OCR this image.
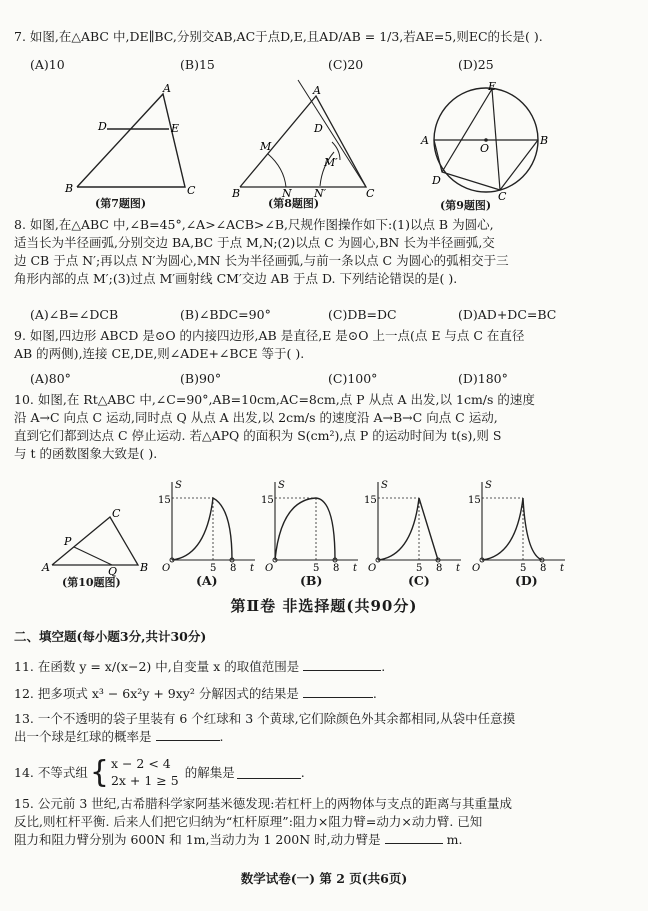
7. 如图,在△ABC 中,DE∥BC,分别交AB,AC于点D,E,且AD/AB = 1/3,若AE=5,则EC的长是( ).
(A)10	(B)15	(C)20	(D)25
A
D	E
B	C
(第7题图)
A
M
D
M′
B	N N′	C
(第8题图)
E
A	B
O
D
C
(第9题图)
8. 如图,在△ABC 中,∠B=45°,∠A>∠ACB>∠B,尺规作图操作如下:(1)以点 B 为圆心,
适当长为半径画弧,分别交边 BA,BC 于点 M,N;(2)以点 C 为圆心,BN 长为半径画弧,交
边 CB 于点 N′;再以点 N′为圆心,MN 长为半径画弧,与前一条以点 C 为圆心的弧相交于三
角形内部的点 M′;(3)过点 M′画射线 CM′交边 AB 于点 D. 下列结论错误的是( ).
(A)∠B=∠DCB	(B)∠BDC=90°	(C)DB=DC	(D)AD+DC=BC
9. 如图,四边形 ABCD 是⊙O 的内接四边形,AB 是直径,E 是⊙O 上一点(点 E 与点 C 在直径
AB 的两侧),连接 CE,DE,则∠ADE+∠BCE 等于( ).
(A)80°	(B)90°	(C)100°	(D)180°
10. 如图,在 Rt△ABC 中,∠C=90°,AB=10cm,AC=8cm,点 P 从点 A 出发,以 1cm/s 的速度
沿 A→C 向点 C 运动,同时点 Q 从点 A 出发,以 2cm/s 的速度沿 A→B→C 向点 C 运动,
直到它们都到达点 C 停止运动. 若△APQ 的面积为 S(cm²),点 P 的运动时间为 t(s),则 S
与 t 的函数图象大致是( ).
C
P
A	Q B
(第10题图)
S
t
15
O	5 8
S
t
15
O	5 8
S
t
15
O	5 8
S
t
15
O	5 8
(A)	(B)	(C)	(D)
第Ⅱ卷 非选择题(共90分)
二、填空题(每小题3分,共计30分)
11. 在函数 y = x/(x−2) 中,自变量 x 的取值范围是	.
12. 把多项式 x³ − 6x²y + 9xy² 分解因式的结果是	.
13. 一个不透明的袋子里装有 6 个红球和 3 个黄球,它们除颜色外其余都相同,从袋中任意摸
出一个球是红球的概率是	.
14. 不等式组 { x − 2 < 4
2x + 1 ≥ 5
的解集是	.
15. 公元前 3 世纪,古希腊科学家阿基米德发现:若杠杆上的两物体与支点的距离与其重量成
反比,则杠杆平衡. 后来人们把它归纳为“杠杆原理”:阻力×阻力臂=动力×动力臂. 已知
阻力和阻力臂分别为 600N 和 1m,当动力为 1 200N 时,动力臂是	m.
数学试卷(一) 第 2 页(共6页)
